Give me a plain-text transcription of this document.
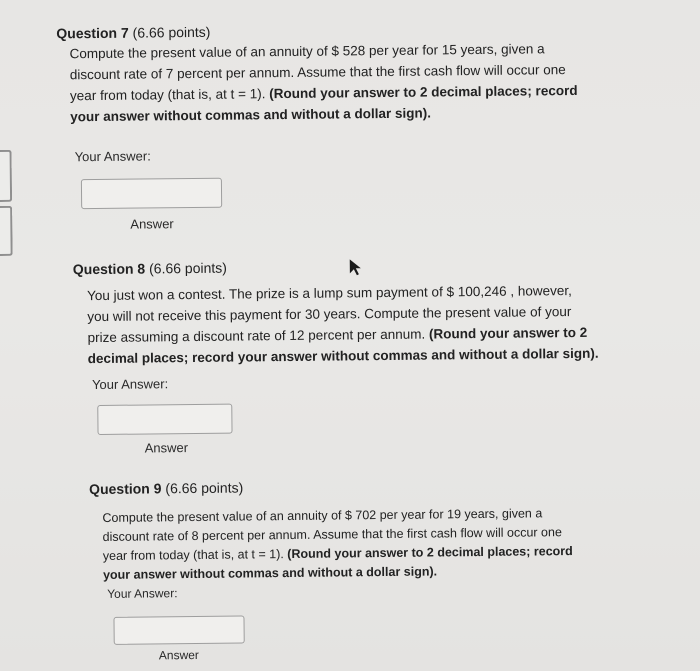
Question 7 (6.66 points)
Compute the present value of an annuity of $ 528 per year for 15 years, given a
discount rate of 7 percent per annum. Assume that the first cash flow will occur one
year from today (that is, at t = 1). (Round your answer to 2 decimal places; record
your answer without commas and without a dollar sign).
Your Answer:
Answer
Question 8 (6.66 points)
You just won a contest. The prize is a lump sum payment of $ 100,246 , however,
you will not receive this payment for 30 years. Compute the present value of your
prize assuming a discount rate of 12 percent per annum. (Round your answer to 2
decimal places; record your answer without commas and without a dollar sign).
Your Answer:
Answer
Question 9 (6.66 points)
Compute the present value of an annuity of $ 702 per year for 19 years, given a
discount rate of 8 percent per annum. Assume that the first cash flow will occur one
year from today (that is, at t = 1). (Round your answer to 2 decimal places; record
your answer without commas and without a dollar sign).
Your Answer:
Answer
